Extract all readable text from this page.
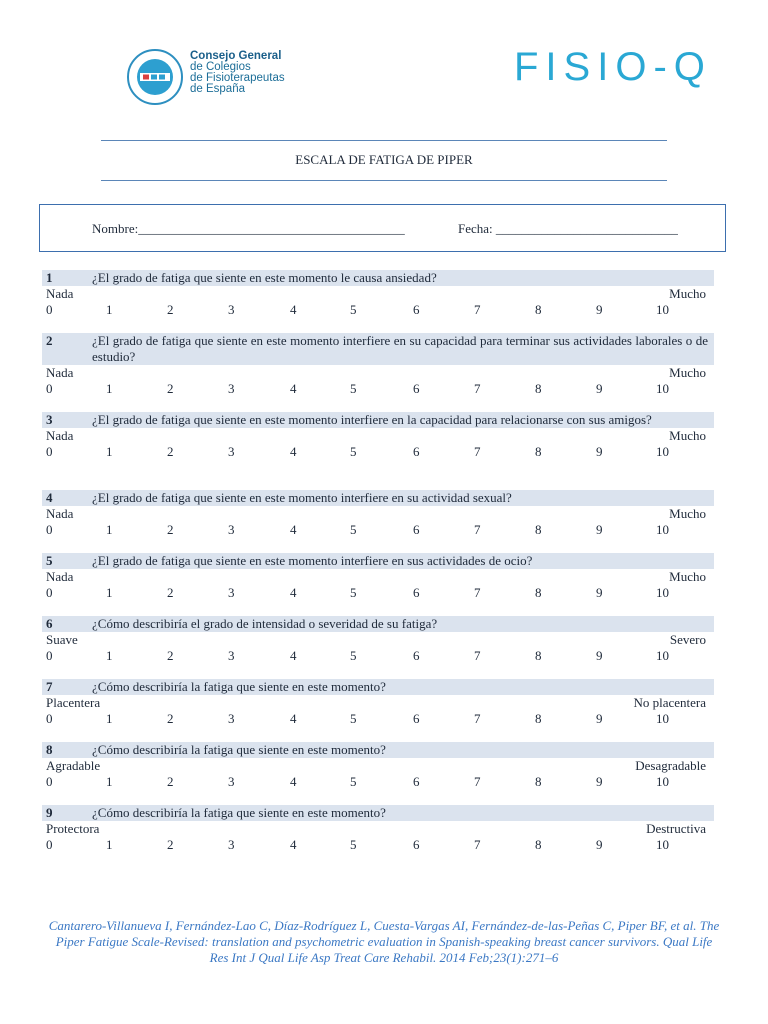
Consejo General
de Colegios
de Fisioterapeutas
de España	FISIO-Q
ESCALA DE FATIGA DE PIPER
Nombre:_________________________________________	Fecha: ____________________________
1	¿El grado de fatiga que siente en este momento le causa ansiedad?
Nada	Mucho
0	1	2	3	4	5	6	7	8	9	10
2	¿El grado de fatiga que siente en este momento interfiere en su capacidad para terminar sus actividades laborales o de estudio?
Nada	Mucho
0	1	2	3	4	5	6	7	8	9	10
3	¿El grado de fatiga que siente en este momento interfiere en la capacidad para relacionarse con sus amigos?
Nada	Mucho
0	1	2	3	4	5	6	7	8	9	10
4	¿El grado de fatiga que siente en este momento interfiere en su actividad sexual?
Nada	Mucho
0	1	2	3	4	5	6	7	8	9	10
5	¿El grado de fatiga que siente en este momento interfiere en sus actividades de ocio?
Nada	Mucho
0	1	2	3	4	5	6	7	8	9	10
6	¿Cómo describiría el grado de intensidad o severidad de su fatiga?
Suave	Severo
0	1	2	3	4	5	6	7	8	9	10
7	¿Cómo describiría la fatiga que siente en este momento?
Placentera	No placentera
0	1	2	3	4	5	6	7	8	9	10
8	¿Cómo describiría la fatiga que siente en este momento?
Agradable	Desagradable
0	1	2	3	4	5	6	7	8	9	10
9	¿Cómo describiría la fatiga que siente en este momento?
Protectora	Destructiva
0	1	2	3	4	5	6	7	8	9	10
Cantarero-Villanueva I, Fernández-Lao C, Díaz-Rodríguez L, Cuesta-Vargas AI, Fernández-de-las-Peñas C, Piper BF, et al. The Piper Fatigue Scale-Revised: translation and psychometric evaluation in Spanish-speaking breast cancer survivors. Qual Life Res Int J Qual Life Asp Treat Care Rehabil. 2014 Feb;23(1):271–6
